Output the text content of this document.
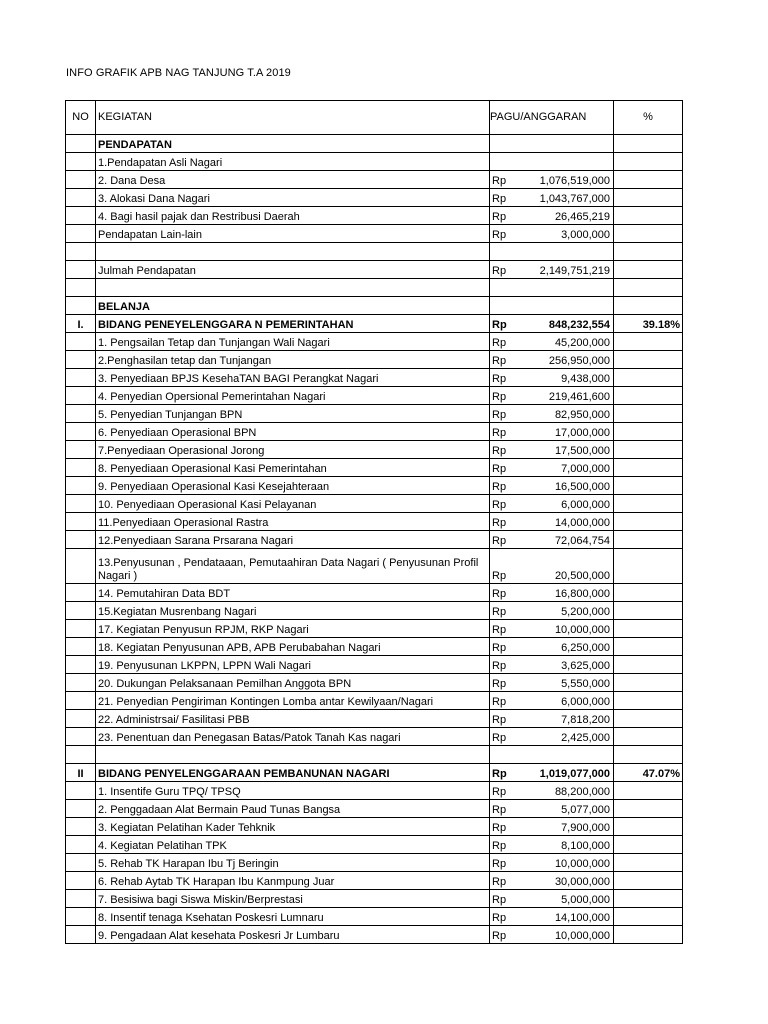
INFO GRAFIK APB NAG TANJUNG T.A 2019
NO	KEGIATAN	PAGU/ANGGARAN	%
	PENDAPATAN	

	1.Pendapatan Asli Nagari	

	2. Dana Desa	Rp 1,076,519,000	

	3. Alokasi Dana Nagari	Rp 1,043,767,000	

	4. Bagi hasil pajak dan Restribusi Daerah	Rp 26,465,219	

	Pendapatan Lain-lain	Rp 3,000,000	

	Julmah Pendapatan	Rp 2,149,751,219	

	BELANJA	

I.	BIDANG PENEYELENGGARA N PEMERINTAHAN	Rp 848,232,554	39.18%
	1. Pengsailan Tetap dan Tunjangan Wali Nagari	Rp 45,200,000	

	2.Penghasilan tetap dan Tunjangan	Rp 256,950,000	

	3. Penyediaan BPJS KesehaTAN BAGI Perangkat Nagari	Rp 9,438,000	

	4. Penyedian Opersional Pemerintahan Nagari	Rp 219,461,600	

	5. Penyedian Tunjangan BPN	Rp 82,950,000	

	6. Penyediaan Operasional BPN	Rp 17,000,000	

	7.Penyediaan Operasional Jorong	Rp 17,500,000	

	8. Penyediaan Operasional Kasi Pemerintahan	Rp 7,000,000	

	9. Penyediaan Operasional Kasi Kesejahteraan	Rp 16,500,000	

	10. Penyediaan Operasional Kasi Pelayanan	Rp 6,000,000	

	11.Penyediaan Operasional Rastra	Rp 14,000,000	

	12.Penyediaan Sarana Prsarana Nagari	Rp 72,064,754	

	13.Penyusunan , Pendataaan, Pemutaahiran Data Nagari ( Penyusunan Profil Nagari )	Rp 20,500,000	

	14. Pemutahiran Data BDT	Rp 16,800,000	

	15.Kegiatan Musrenbang Nagari	Rp 5,200,000	

	17. Kegiatan Penyusun RPJM, RKP Nagari	Rp 10,000,000	

	18. Kegiatan Penyusunan APB, APB Perubabahan Nagari	Rp 6,250,000	

	19. Penyusunan LKPPN, LPPN Wali Nagari	Rp 3,625,000	

	20. Dukungan Pelaksanaan Pemilhan Anggota BPN	Rp 5,550,000	

	21. Penyedian Pengiriman Kontingen Lomba antar Kewilyaan/Nagari	Rp 6,000,000	

	22. Administrsai/ Fasilitasi PBB	Rp 7,818,200	

	23. Penentuan dan Penegasan Batas/Patok Tanah Kas nagari	Rp 2,425,000	

II	BIDANG PENYELENGGARAAN PEMBANUNAN NAGARI	Rp 1,019,077,000	47.07%
	1. Insentife Guru TPQ/ TPSQ	Rp 88,200,000	

	2. Penggadaan Alat Bermain Paud Tunas Bangsa	Rp 5,077,000	

	3. Kegiatan Pelatihan Kader Tehknik	Rp 7,900,000	

	4. Kegiatan Pelatihan TPK	Rp 8,100,000	

	5. Rehab TK Harapan Ibu Tj Beringin	Rp 10,000,000	

	6. Rehab Aytab TK Harapan Ibu Kanmpung Juar	Rp 30,000,000	

	7. Besisiwa bagi Siswa Miskin/Berprestasi	Rp 5,000,000	

	8. Insentif tenaga Ksehatan Poskesri Lumnaru	Rp 14,100,000	

	9. Pengadaan Alat kesehata Poskesri Jr Lumbaru	Rp 10,000,000	
